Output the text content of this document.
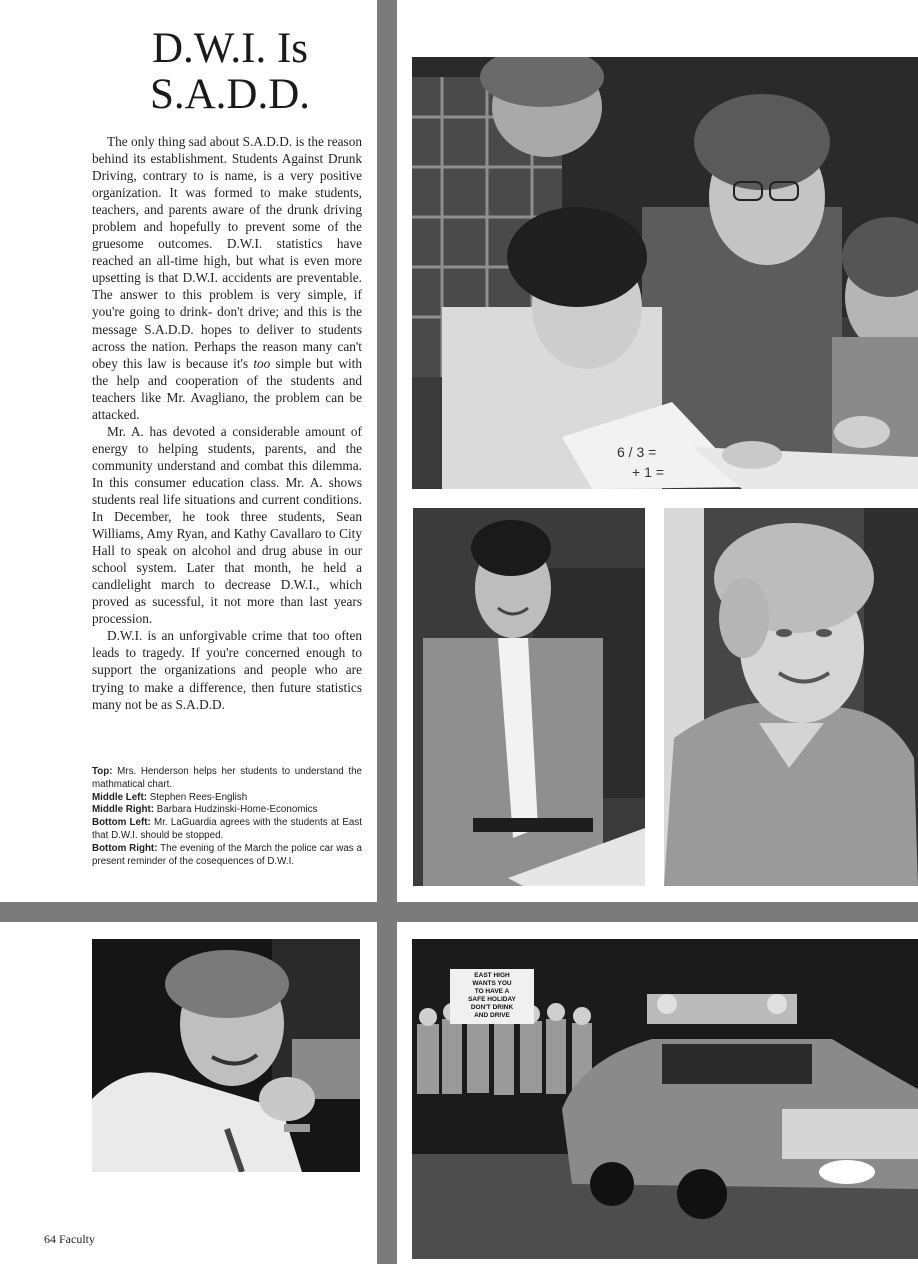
D.W.I. Is
S.A.D.D.

The only thing sad about S.A.D.D. is the reason behind its establishment. Students Against Drunk Driving, contrary to is name, is a very positive organization. It was formed to make students, teachers, and parents aware of the drunk driving problem and hopefully to prevent some of the gruesome outcomes. D.W.I. statistics have reached an all-time high, but what is even more upsetting is that D.W.I. accidents are preventable. The answer to this problem is very simple, if you're going to drink- don't drive; and this is the message S.A.D.D. hopes to deliver to students across the nation. Perhaps the reason many can't obey this law is because it's too simple but with the help and cooperation of the students and teachers like Mr. Avagliano, the problem can be attacked.

Mr. A. has devoted a considerable amount of energy to helping students, parents, and the community understand and combat this dilemma. In this consumer education class. Mr. A. shows students real life situations and current conditions. In December, he took three students, Sean Williams, Amy Ryan, and Kathy Cavallaro to City Hall to speak on alcohol and drug abuse in our school system. Later that month, he held a candlelight march to decrease D.W.I., which proved as sucessful, it not more than last years procession.

D.W.I. is an unforgivable crime that too often leads to tragedy. If you're concerned enough to support the organizations and people who are trying to make a difference, then future statistics many not be as S.A.D.D.

Top: Mrs. Henderson helps her students to understand the mathmatical chart.
Middle Left: Stephen Rees-English
Middle Right: Barbara Hudzinski-Home-Economics
Bottom Left: Mr. LaGuardia agrees with the students at East that D.W.I. should be stopped.
Bottom Right: The evening of the March the police car was a present reminder of the cosequences of D.W.I.
64 Faculty
6 / 3 =
+ 1 =
EAST HIGH
WANTS YOU
TO HAVE A
SAFE HOLIDAY
DON'T DRINK
AND DRIVE
